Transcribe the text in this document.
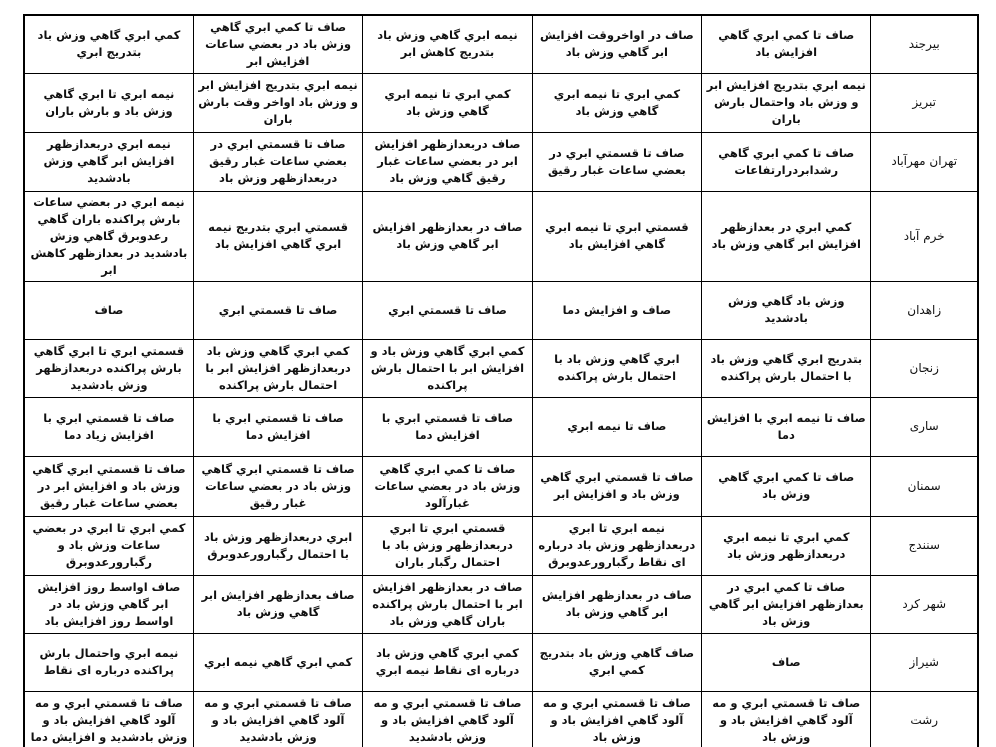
بیرجند	صاف تا كمي ابري گاهي افزايش باد	صاف در اواخروقت افزايش ابر گاهي وزش باد	نيمه ابري گاهي وزش باد بتدريج كاهش ابر	صاف تا كمي ابري گاهي وزش باد در بعضي ساعات افزايش ابر	كمي ابري گاهي وزش باد بتدريج ابري
تبريز	نيمه ابري بتدريج افزايش ابر و وزش باد واحتمال بارش باران	كمي ابري تا نيمه ابري گاهي وزش باد	كمي ابري تا نيمه ابري گاهي وزش باد	نيمه ابري بتدريج افزايش ابر و وزش باد اواخر وقت بارش باران	نيمه ابري تا ابري گاهي وزش باد و بارش باران
تهران مهرآباد	صاف تا كمي ابري گاهي رشدابردرارتفاعات	صاف تا قسمتي ابري در بعضي ساعات غبار رقيق	صاف دربعدازظهر افزايش ابر در بعضي ساعات غبار رقيق گاهي وزش باد	صاف تا قسمتي ابري در بعضي ساعات غبار رقيق دربعدازظهر وزش باد	نيمه ابري دربعدازظهر افزايش ابر گاهي وزش بادشديد
خرم آباد	كمي ابري در بعدازظهر افزايش ابر گاهي وزش باد	قسمتي ابري تا نيمه ابري گاهي افزايش باد	صاف در بعدازظهر افزايش ابر گاهي وزش باد	قسمتي ابري بتدريج نيمه ابري گاهي افزايش باد	نيمه ابري در بعضي ساعات بارش پراكنده باران گاهي رعدوبرق گاهي وزش بادشديد در بعدازظهر كاهش ابر
زاهدان	وزش باد گاهي وزش بادشديد	صاف و افزايش دما	صاف تا قسمتي ابري	صاف تا قسمتي ابري	صاف
زنجان	بتدريج ابري گاهي وزش باد با احتمال بارش پراكنده	ابري گاهي وزش باد با احتمال بارش پراكنده	كمي ابري گاهي وزش باد و افزايش ابر با احتمال بارش پراكنده	كمي ابري گاهي وزش باد دربعدازظهر افزايش ابر با احتمال بارش پراكنده	قسمتي ابري تا ابري گاهي بارش پراكنده دربعدازظهر وزش بادشديد
ساری	صاف تا نيمه ابري با افزايش دما	صاف تا نيمه ابري	صاف تا قسمتي ابري با افزايش دما	صاف تا قسمتي ابري با افزايش دما	صاف تا قسمتي ابري با افزايش زياد دما
سمنان	صاف تا كمي ابري گاهي وزش باد	صاف تا قسمتي ابري گاهي وزش باد و افزايش ابر	صاف تا كمي ابري گاهي وزش باد در بعضي ساعات غبارآلود	صاف تا قسمتي ابري گاهي وزش باد در بعضي ساعات غبار رقيق	صاف تا قسمتي ابري گاهي وزش باد و افزايش ابر در بعضي ساعات غبار رقيق
سنندج	كمي ابري تا نيمه ابري دربعدازظهر وزش باد	نيمه ابري تا ابري دربعدازظهر وزش باد درباره اى نقاط رگبارورعدوبرق	قسمتي ابري تا ابري دربعدازظهر وزش باد با احتمال رگبار باران	ابري دربعدازظهر وزش باد با احتمال رگبارورعدوبرق	كمي ابري تا ابري در بعضي ساعات وزش باد و رگبارورعدوبرق
شهر كرد	صاف تا كمي ابري در بعدازظهر افزايش ابر گاهي وزش باد	صاف در بعدازظهر افزايش ابر گاهي وزش باد	صاف در بعدازظهر افزايش ابر با احتمال بارش پراكنده باران گاهي وزش باد	صاف بعدازظهر افزايش ابر گاهي وزش باد	صاف اواسط روز افزايش ابر گاهي وزش باد در اواسط روز افزايش باد
شيراز	صاف	صاف گاهي وزش باد بتدريج كمي ابري	كمي ابري گاهي وزش باد درباره اى نقاط نيمه ابري	كمي ابري گاهي نيمه ابري	نيمه ابري واحتمال بارش پراكنده درباره اى نقاط
رشت	صاف تا قسمتي ابري و مه آلود گاهي افزايش باد و وزش باد	صاف تا قسمتي ابري و مه آلود گاهي افزايش باد و وزش باد	صاف تا قسمتي ابري و مه آلود گاهي افزايش باد و وزش بادشديد	صاف تا قسمتي ابري و مه آلود گاهي افزايش باد و وزش بادشديد	صاف تا قسمتي ابري و مه آلود گاهي افزايش باد و وزش بادشديد و افزايش دما
